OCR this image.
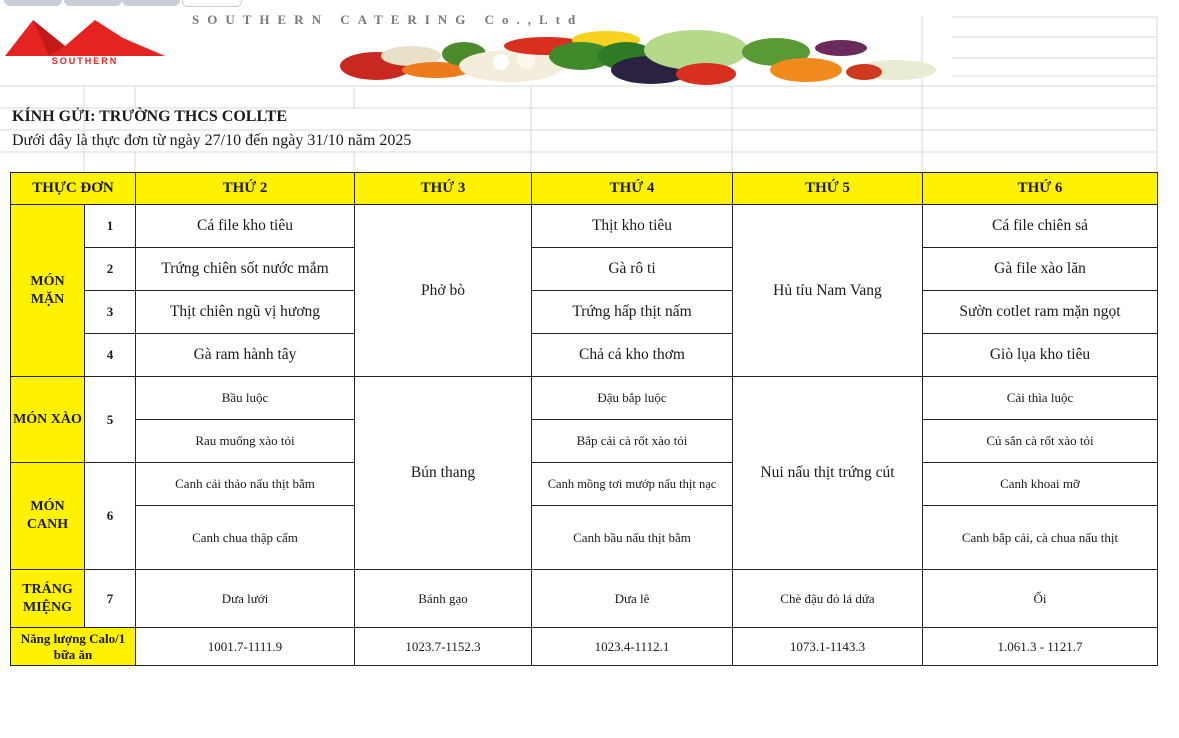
SOUTHERN
SOUTHERN CATERING Co.,Ltd
KÍNH GỬI: TRƯỜNG THCS COLLTE
Dưới đây là thực đơn từ ngày 27/10 đến ngày 31/10 năm 2025
THỰC ĐƠN		THỨ 2	THỨ 3	THỨ 4	THỨ 5	THỨ 6
MÓN MẶN	1	Cá file kho tiêu	Phở bò	Thịt kho tiêu	Hủ tíu Nam Vang	Cá file chiên sả
	2	Trứng chiên sốt nước mắm		Gà rô ti		Gà file xào lăn
	3	Thịt chiên ngũ vị hương		Trứng hấp thịt nấm		Sườn cotlet ram mặn ngọt
	4	Gà ram hành tây		Chả cá kho thơm		Giò lụa kho tiêu
MÓN XÀO	5	Bầu luộc	Bún thang	Đậu bắp luộc	Nui nấu thịt trứng cút	Cải thìa luộc
		Rau muống xào tỏi		Bắp cải cà rốt xào tỏi		Củ sắn cà rốt xào tỏi
MÓN CANH	6	Canh cải thảo nấu thịt bằm		Canh mồng tơi mướp nấu thịt nạc		Canh khoai mỡ
		Canh chua thập cẩm		Canh bầu nấu thịt bằm		Canh bắp cải, cà chua nấu thịt
TRÁNG MIỆNG	7	Dưa lưới	Bánh gạo	Dưa lê	Chè đậu đỏ lá dứa	Ổi
Năng lượng Calo/1 bữa ăn		1001.7-1111.9	1023.7-1152.3	1023.4-1112.1	1073.1-1143.3	1.061.3 - 1121.7
